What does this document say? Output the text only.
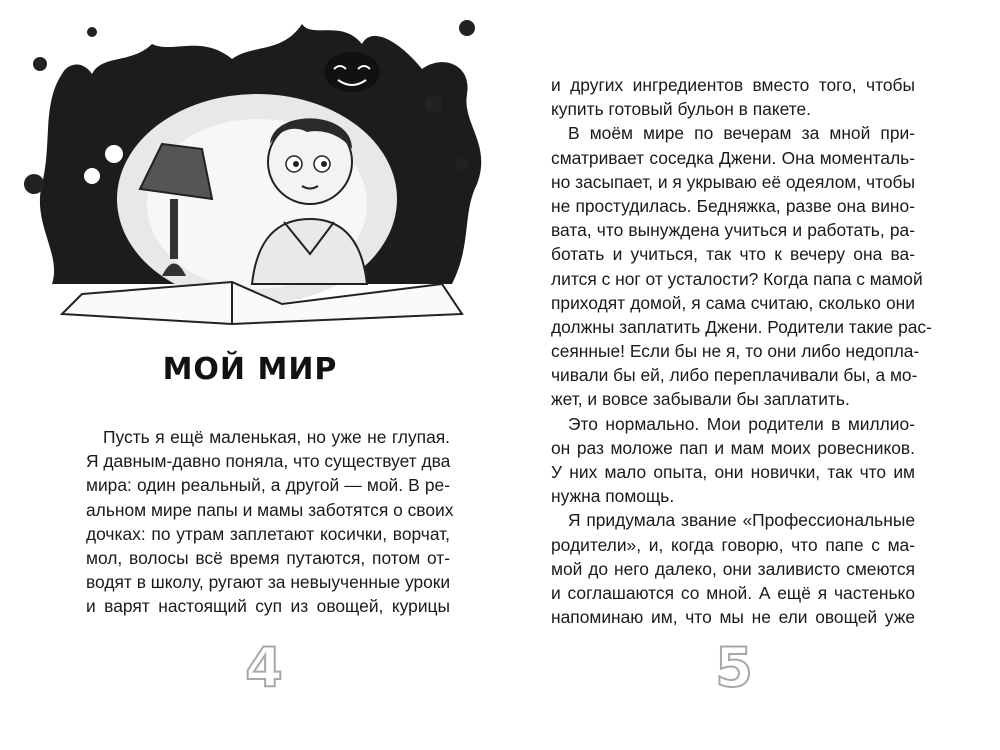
МОЙ МИР
Пусть я ещё маленькая, но уже не глупая.
Я давным-давно поняла, что существует два
мира: один реальный, а другой — мой. В ре-
альном мире папы и мамы заботятся о своих
дочках: по утрам заплетают косички, ворчат,
мол, волосы всё время путаются, потом от-
водят в школу, ругают за невыученные уроки
и варят настоящий суп из овощей, курицы
4
и других ингредиентов вместо того, чтобы
купить готовый бульон в пакете.
В моём мире по вечерам за мной при-
сматривает соседка Джени. Она моменталь-
но засыпает, и я укрываю её одеялом, чтобы
не простудилась. Бедняжка, разве она вино-
вата, что вынуждена учиться и работать, ра-
ботать и учиться, так что к вечеру она ва-
лится с ног от усталости? Когда папа с мамой
приходят домой, я сама считаю, сколько они
должны заплатить Джени. Родители такие рас-
сеянные! Если бы не я, то они либо недопла-
чивали бы ей, либо переплачивали бы, а мо-
жет, и вовсе забывали бы заплатить.
Это нормально. Мои родители в миллио-
он раз моложе пап и мам моих ровесников.
У них мало опыта, они новички, так что им
нужна помощь.
Я придумала звание «Профессиональные
родители», и, когда говорю, что папе с ма-
мой до него далеко, они заливисто смеются
и соглашаются со мной. А ещё я частенько
напоминаю им, что мы не ели овощей уже
5
